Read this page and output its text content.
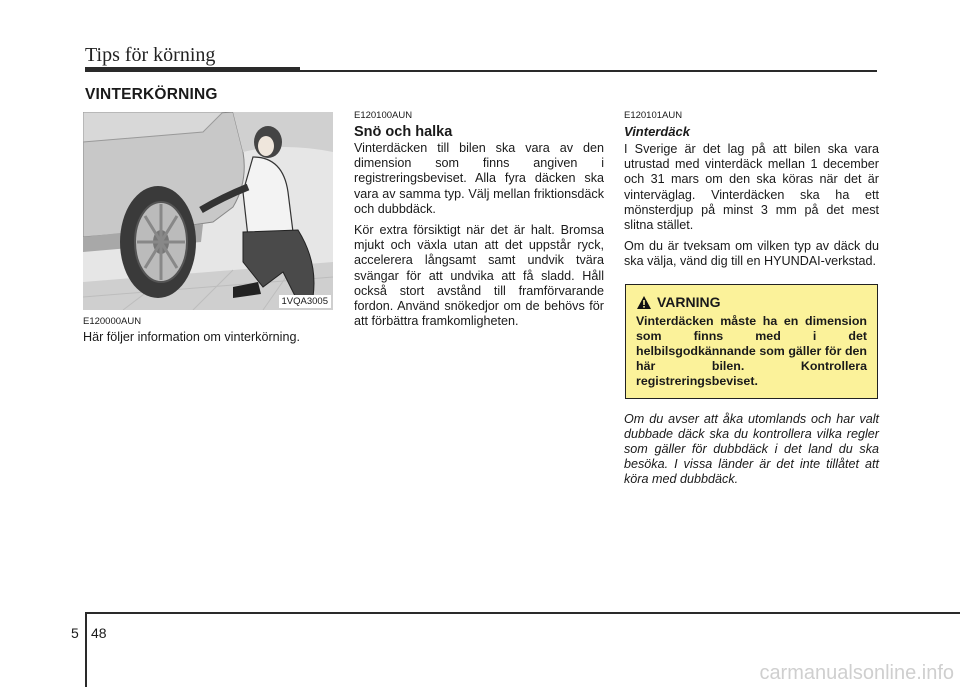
Tips för körning
VINTERKÖRNING
1VQA3005
E120000AUN

Här följer information om vinterkörning.

E120100AUN
Snö och halka

Vinterdäcken till bilen ska vara av den dimension som finns angiven i registreringsbeviset. Alla fyra däcken ska vara av samma typ. Välj mellan friktionsdäck och dubbdäck.

Kör extra försiktigt när det är halt. Bromsa mjukt och växla utan att det uppstår ryck, accelerera långsamt samt undvik tvära svängar för att undvika att få sladd. Håll också stort avstånd till framförvarande fordon. Använd snökedjor om de behövs för att förbättra framkomligheten.

E120101AUN
Vinterdäck

I Sverige är det lag på att bilen ska vara utrustad med vinterdäck mellan 1 december och 31 mars om den ska köras när det är vinterväglag. Vinterdäcken ska ha ett mönsterdjup på minst 3 mm på det mest slitna stället.

Om du är tveksam om vilken typ av däck du ska välja, vänd dig till en HYUNDAI-verkstad.

VARNING
Vinterdäcken måste ha en dimension som finns med i det helbilsgodkännande som gäller för den här bilen. Kontrollera registreringsbeviset.
Om du avser att åka utomlands och har valt dubbade däck ska du kontrollera vilka regler som gäller för dubbdäck i det land du ska besöka. I vissa länder är det inte tillåtet att köra med dubbdäck.
5 48
carmanualsonline.info
